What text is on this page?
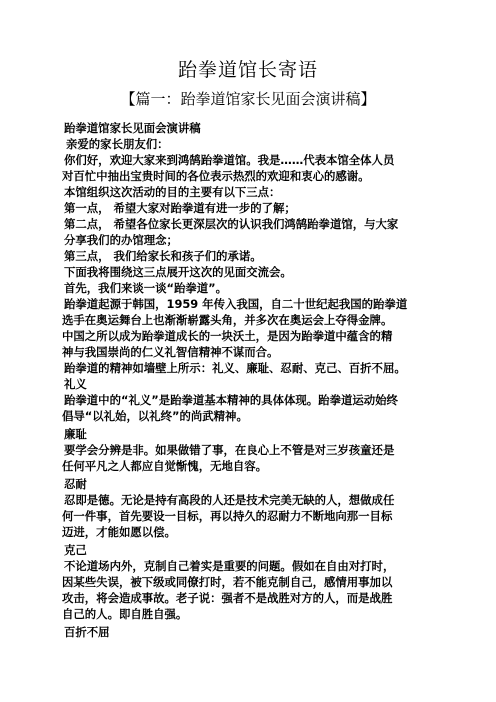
跆拳道馆长寄语
【篇一：跆拳道馆家长见面会演讲稿】
跆拳道馆家长见面会演讲稿
亲爱的家长朋友们：
你们好，欢迎大家来到鸿鹄跆拳道馆。我是……代表本馆全体人员
对百忙中抽出宝贵时间的各位表示热烈的欢迎和衷心的感谢。
本馆组织这次活动的目的主要有以下三点：
第一点， 希望大家对跆拳道有进一步的了解；
第二点， 希望各位家长更深层次的认识我们鸿鹄跆拳道馆，与大家
分享我们的办馆理念；
第三点， 我们给家长和孩子们的承诺。
下面我将围绕这三点展开这次的见面交流会。
首先，我们来谈一谈“跆拳道”。
跆拳道起源于韩国，1959 年传入我国，自二十世纪起我国的跆拳道
选手在奥运舞台上也渐渐崭露头角，并多次在奥运会上夺得金牌。
中国之所以成为跆拳道成长的一块沃土，是因为跆拳道中蕴含的精
神与我国崇尚的仁义礼智信精神不谋而合。
跆拳道的精神如墙壁上所示：礼义、廉耻、忍耐、克己、百折不屈。
礼义
跆拳道中的“礼义”是跆拳道基本精神的具体体现。跆拳道运动始终
倡导“以礼始，以礼终”的尚武精神。
廉耻
要学会分辨是非。如果做错了事，在良心上不管是对三岁孩童还是
任何平凡之人都应自觉惭愧，无地自容。
忍耐
忍即是德。无论是持有高段的人还是技术完美无缺的人，想做成任
何一件事，首先要设一目标，再以持久的忍耐力不断地向那一目标
迈进，才能如愿以偿。
克己
不论道场内外，克制自己着实是重要的问题。假如在自由对打时，
因某些失误，被下级或同僚打时，若不能克制自己，感情用事加以
攻击，将会造成事故。老子说：强者不是战胜对方的人，而是战胜
自己的人。即自胜自强。
百折不屈
